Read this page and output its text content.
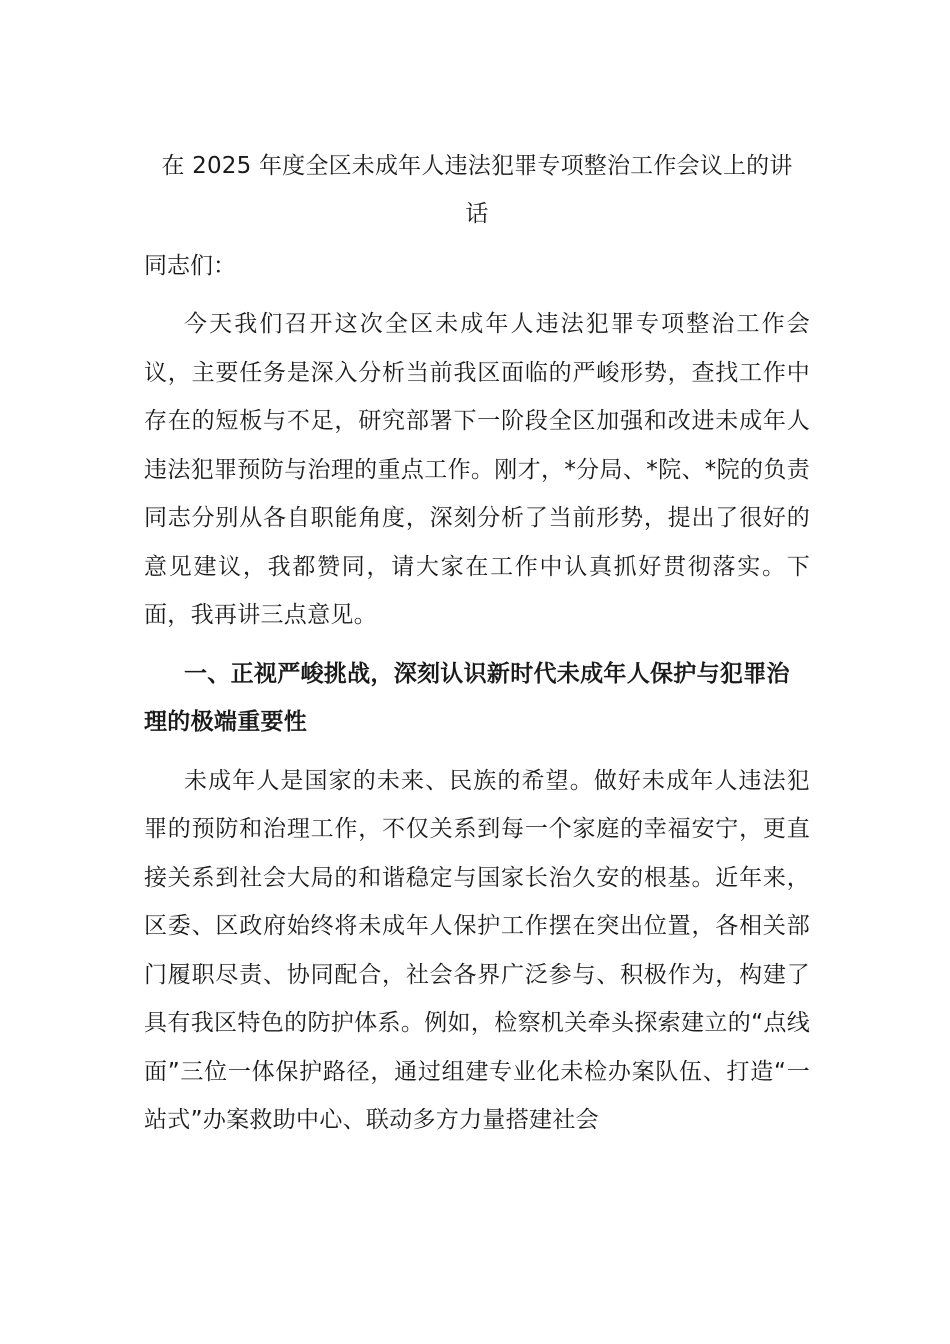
在 2025 年度全区未成年人违法犯罪专项整治工作会议上的讲
话

同志们：

今天我们召开这次全区未成年人违法犯罪专项整治工作会议，主要任务是深入分析当前我区面临的严峻形势，查找工作中存在的短板与不足，研究部署下一阶段全区加强和改进未成年人违法犯罪预防与治理的重点工作。刚才，*分局、*院、*院的负责同志分别从各自职能角度，深刻分析了当前形势，提出了很好的意见建议，我都赞同，请大家在工作中认真抓好贯彻落实。下面，我再讲三点意见。

一、正视严峻挑战，深刻认识新时代未成年人保护与犯罪治理的极端重要性

未成年人是国家的未来、民族的希望。做好未成年人违法犯罪的预防和治理工作，不仅关系到每一个家庭的幸福安宁，更直接关系到社会大局的和谐稳定与国家长治久安的根基。近年来，区委、区政府始终将未成年人保护工作摆在突出位置，各相关部门履职尽责、协同配合，社会各界广泛参与、积极作为，构建了具有我区特色的防护体系。例如，检察机关牵头探索建立的“点线面”三位一体保护路径，通过组建专业化未检办案队伍、打造“一站式”办案救助中心、联动多方力量搭建社会
